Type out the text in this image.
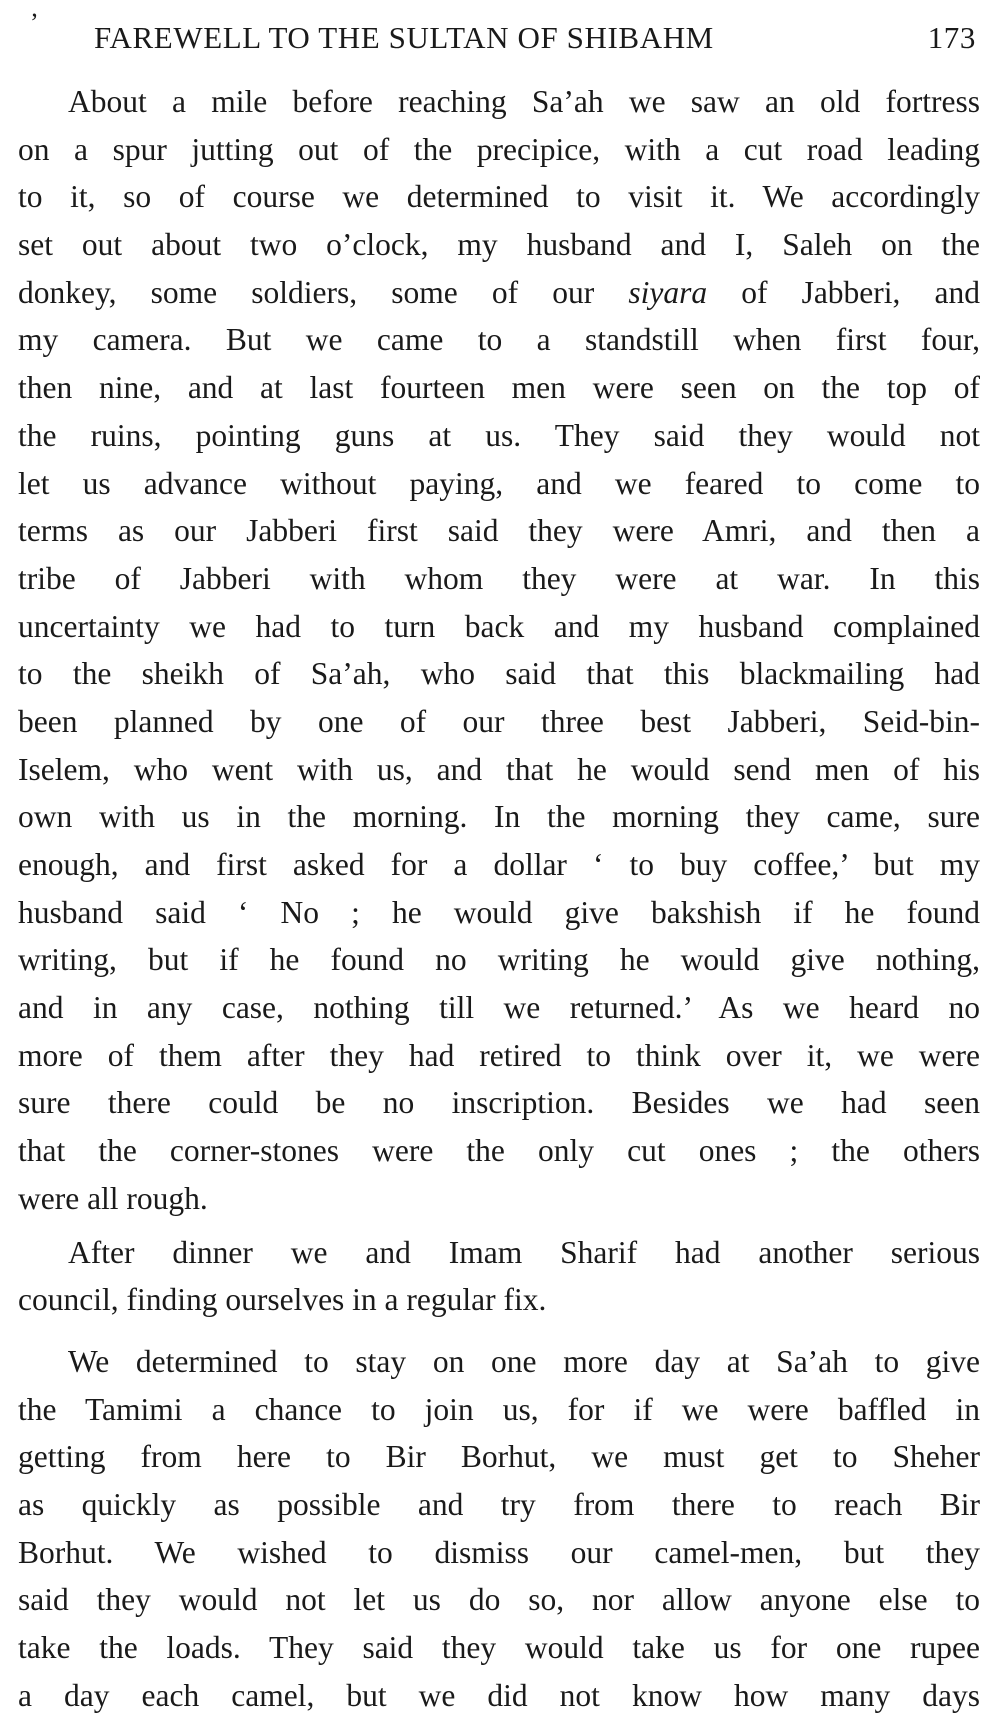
’ FAREWELL TO THE SULTAN OF SHIBAHM	173
About a mile before reaching Sa’ah we saw an old fortress
on a spur jutting out of the precipice, with a cut road leading
to it, so of course we determined to visit it. We accordingly
set out about two o’clock, my husband and I, Saleh on the
donkey, some soldiers, some of our siyara of Jabberi, and
my camera. But we came to a standstill when first four,
then nine, and at last fourteen men were seen on the top of
the ruins, pointing guns at us. They said they would not
let us advance without paying, and we feared to come to
terms as our Jabberi first said they were Amri, and then a
tribe of Jabberi with whom they were at war. In this
uncertainty we had to turn back and my husband complained
to the sheikh of Sa’ah, who said that this blackmailing had
been planned by one of our three best Jabberi, Seid-bin-
Iselem, who went with us, and that he would send men of his
own with us in the morning. In the morning they came, sure
enough, and first asked for a dollar ‘ to buy coffee,’ but my
husband said ‘ No ; he would give bakshish if he found
writing, but if he found no writing he would give nothing,
and in any case, nothing till we returned.’ As we heard no
more of them after they had retired to think over it, we were
sure there could be no inscription. Besides we had seen
that the corner-stones were the only cut ones ; the others
were all rough.
After dinner we and Imam Sharif had another serious
council, finding ourselves in a regular fix.
We determined to stay on one more day at Sa’ah to give
the Tamimi a chance to join us, for if we were baffled in
getting from here to Bir Borhut, we must get to Sheher
as quickly as possible and try from there to reach Bir
Borhut. We wished to dismiss our camel-men, but they
said they would not let us do so, nor allow anyone else to
take the loads. They said they would take us for one rupee
a day each camel, but we did not know how many days
